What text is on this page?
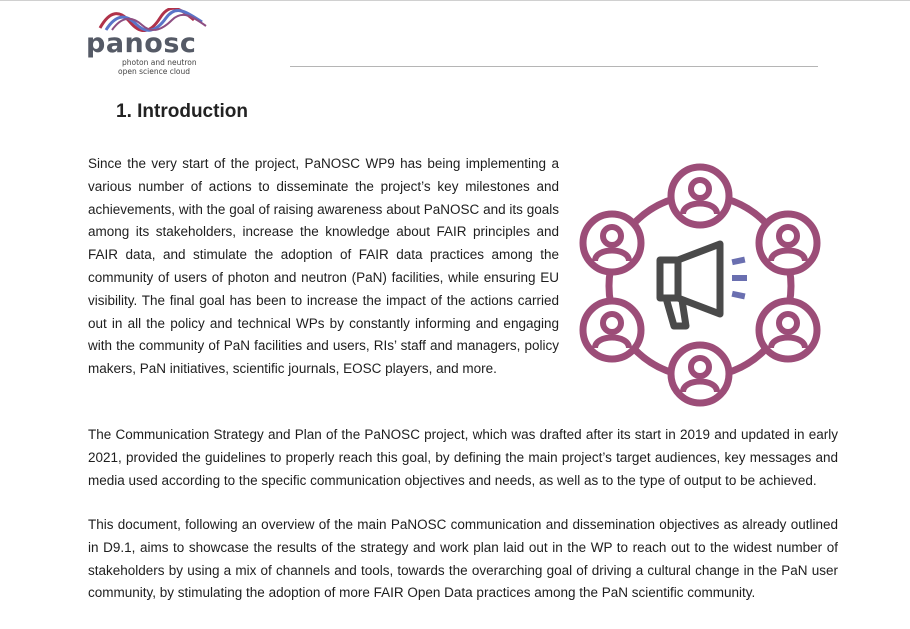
panosc
photon and neutron
open science cloud
1. Introduction

Since the very start of the project, PaNOSC WP9 has being implementing a various number of actions to disseminate the project’s key milestones and achievements, with the goal of raising awareness about PaNOSC and its goals among its stakeholders, increase the knowledge about FAIR principles and FAIR data, and stimulate the adoption of FAIR data practices among the community of users of photon and neutron (PaN) facilities, while ensuring EU visibility. The final goal has been to increase the impact of the actions carried out in all the policy and technical WPs by constantly informing and engaging with the community of PaN facilities and users, RIs’ staff and managers, policy makers, PaN initiatives, scientific journals, EOSC players, and more.

The Communication Strategy and Plan of the PaNOSC project, which was drafted after its start in 2019 and updated in early 2021, provided the guidelines to properly reach this goal, by defining the main project’s target audiences, key messages and media used according to the specific communication objectives and needs, as well as to the type of output to be achieved.

This document, following an overview of the main PaNOSC communication and dissemination objectives as already outlined in D9.1, aims to showcase the results of the strategy and work plan laid out in the WP to reach out to the widest number of stakeholders by using a mix of channels and tools, towards the overarching goal of driving a cultural change in the PaN user community, by stimulating the adoption of more FAIR Open Data practices among the PaN scientific community.
